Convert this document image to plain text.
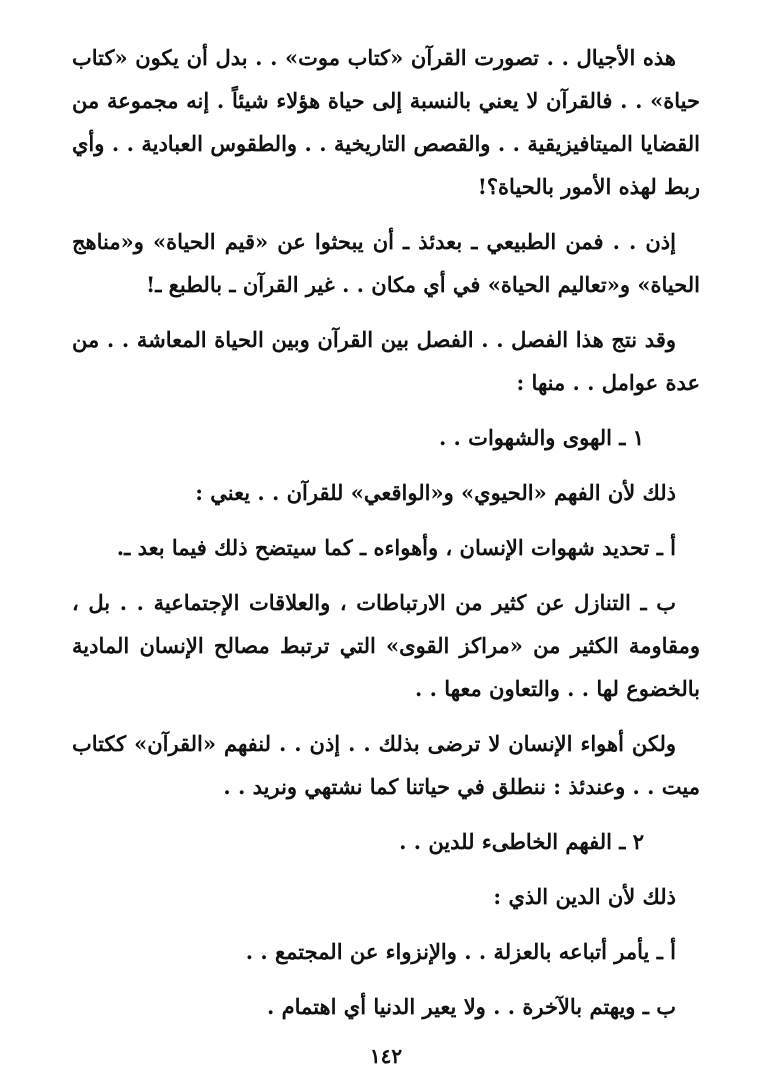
هذه الأجيال . . تصورت القرآن «كتاب موت» . . بدل أن يكون «كتاب حياة» . . فالقرآن لا يعني بالنسبة إلى حياة هؤلاء شيئاً . إنه مجموعة من القضايا الميتافيزيقية . . والقصص التاريخية . . والطقوس العبادية . . وأي ربط لهذه الأمور بالحياة؟!

إذن . . فمن الطبيعي ـ بعدئذ ـ أن يبحثوا عن «قيم الحياة» و«مناهج الحياة» و«تعاليم الحياة» في أي مكان . . غير القرآن ـ بالطبع ـ!

وقد نتج هذا الفصل . . الفصل بين القرآن وبين الحياة المعاشة . . من عدة عوامل . . منها :

١ ـ الهوى والشهوات . .

ذلك لأن الفهم «الحيوي» و«الواقعي» للقرآن . . يعني :

أ ـ تحديد شهوات الإنسان ، وأهواءه ـ كما سيتضح ذلك فيما بعد ـ.

ب ـ التنازل عن كثير من الارتباطات ، والعلاقات الإجتماعية . . بل ، ومقاومة الكثير من «مراكز القوى» التي ترتبط مصالح الإنسان المادية بالخضوع لها . . والتعاون معها . .

ولكن أهواء الإنسان لا ترضى بذلك . . إذن . . لنفهم «القرآن» ككتاب ميت . . وعندئذ : ننطلق في حياتنا كما نشتهي ونريد . .

٢ ـ الفهم الخاطىء للدين . .

ذلك لأن الدين الذي :

أ ـ يأمر أتباعه بالعزلة . . والإنزواء عن المجتمع . .

ب ـ ويهتم بالآخرة . . ولا يعير الدنيا أي اهتمام .

١٤٢
